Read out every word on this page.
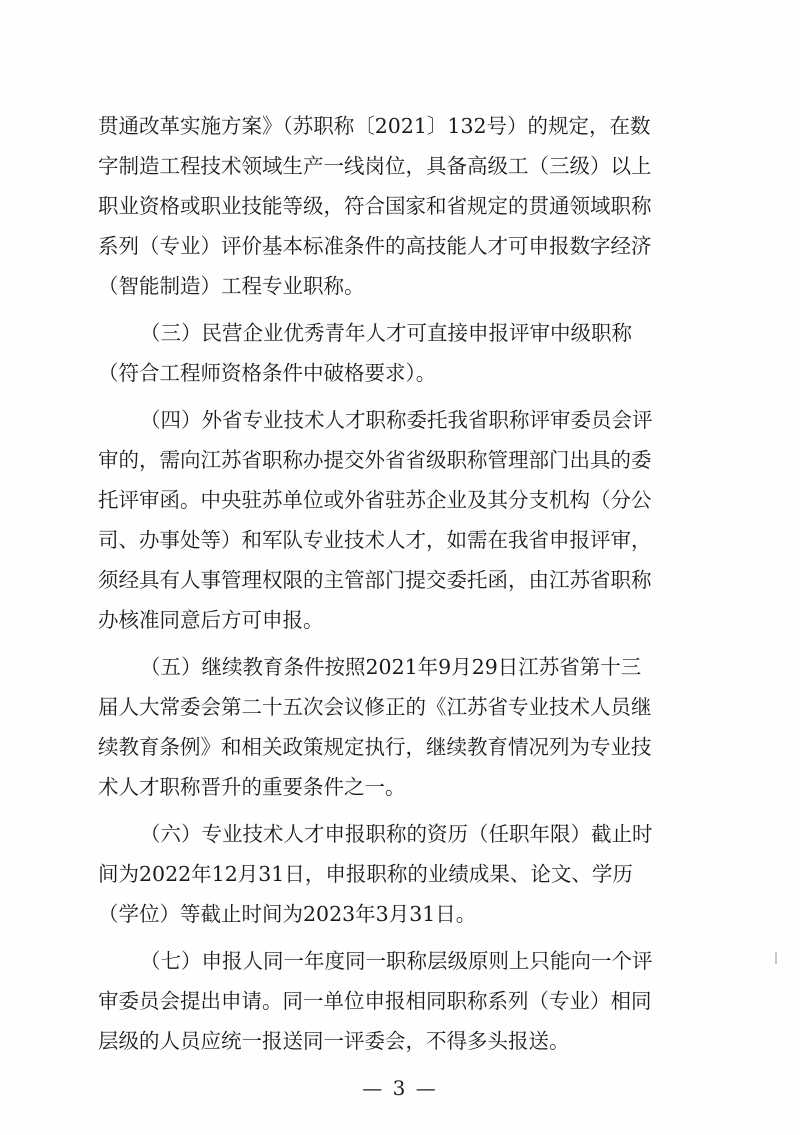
贯通改革实施方案》（苏职称〔2021〕132号）的规定，在数

字制造工程技术领域生产一线岗位，具备高级工（三级）以上

职业资格或职业技能等级，符合国家和省规定的贯通领域职称

系列（专业）评价基本标准条件的高技能人才可申报数字经济

（智能制造）工程专业职称。

（三）民营企业优秀青年人才可直接申报评审中级职称

（符合工程师资格条件中破格要求）。

（四）外省专业技术人才职称委托我省职称评审委员会评

审的，需向江苏省职称办提交外省省级职称管理部门出具的委

托评审函。中央驻苏单位或外省驻苏企业及其分支机构（分公

司、办事处等）和军队专业技术人才，如需在我省申报评审，

须经具有人事管理权限的主管部门提交委托函，由江苏省职称

办核准同意后方可申报。

（五）继续教育条件按照2021年9月29日江苏省第十三

届人大常委会第二十五次会议修正的《江苏省专业技术人员继

续教育条例》和相关政策规定执行，继续教育情况列为专业技

术人才职称晋升的重要条件之一。

（六）专业技术人才申报职称的资历（任职年限）截止时

间为2022年12月31日，申报职称的业绩成果、论文、学历

（学位）等截止时间为2023年3月31日。

（七）申报人同一年度同一职称层级原则上只能向一个评

审委员会提出申请。同一单位申报相同职称系列（专业）相同

层级的人员应统一报送同一评委会，不得多头报送。

— 3 —
